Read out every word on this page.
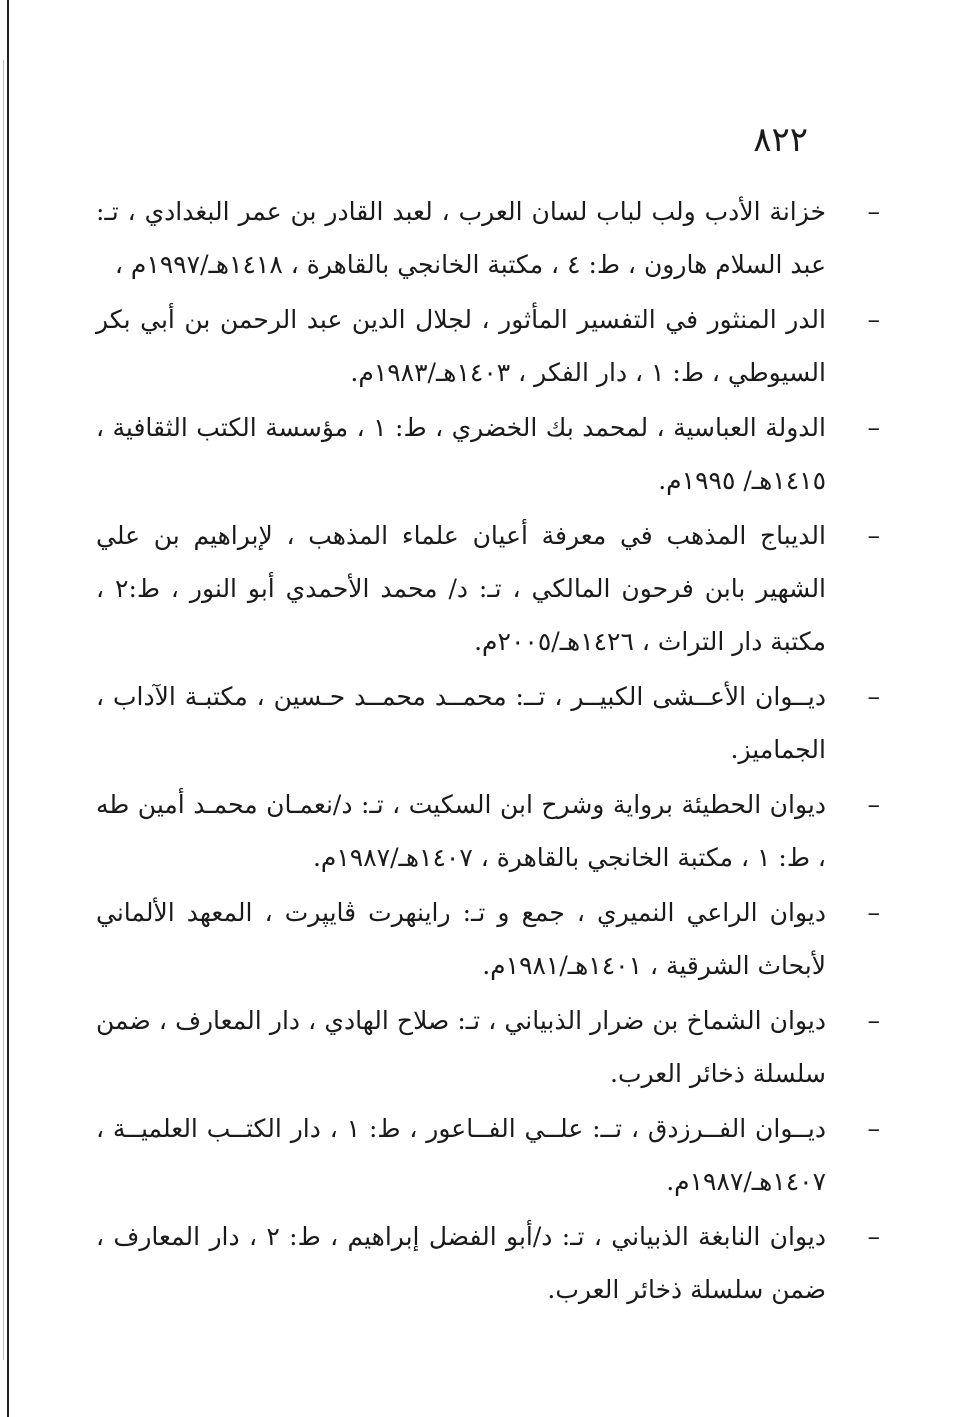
٨٢٢
–
خزانة الأدب ولب لباب لسان العرب ، لعبد القادر بن عمر البغدادي ، تـ: عبد السلام هارون ، ط: ٤ ، مكتبة الخانجي بالقاهرة ، ١٤١٨هـ/١٩٩٧م ،
–
الدر المنثور في التفسير المأثور ، لجلال الدين عبد الرحمن بن أبي بكر السيوطي ، ط: ١ ، دار الفكر ، ١٤٠٣هـ/١٩٨٣م.
–
الدولة العباسية ، لمحمد بك الخضري ، ط: ١ ، مؤسسة الكتب الثقافية ، ١٤١٥هـ/ ١٩٩٥م.
–
الديباج المذهب في معرفة أعيان علماء المذهب ، لإبراهيم بن علي الشهير بابن فرحون المالكي ، تـ: د/ محمد الأحمدي أبو النور ، ط:٢ ، مكتبة دار التراث ، ١٤٢٦هـ/٢٠٠٥م.
–
ديــوان الأعــشى الكبيــر ، تــ: محمــد محمــد حـسين ، مكتبـة الآداب ، الجماميز.
–
ديوان الحطيئة برواية وشرح ابن السكيت ، تـ: د/نعمـان محمـد أمين طه ، ط: ١ ، مكتبة الخانجي بالقاهرة ، ١٤٠٧هـ/١٩٨٧م.
–
ديوان الراعي النميري ، جمع و تـ: راينهرت ڤايپرت ، المعهد الألماني لأبحاث الشرقية ، ١٤٠١هـ/١٩٨١م.
–
ديوان الشماخ بن ضرار الذبياني ، تـ: صلاح الهادي ، دار المعارف ، ضمن سلسلة ذخائر العرب.
–
ديــوان الفــرزدق ، تــ: علــي الفــاعور ، ط: ١ ، دار الكتــب العلميــة ، ١٤٠٧هـ/١٩٨٧م.
–
ديوان النابغة الذبياني ، تـ: د/أبو الفضل إبراهيم ، ط: ٢ ، دار المعارف ، ضمن سلسلة ذخائر العرب.
